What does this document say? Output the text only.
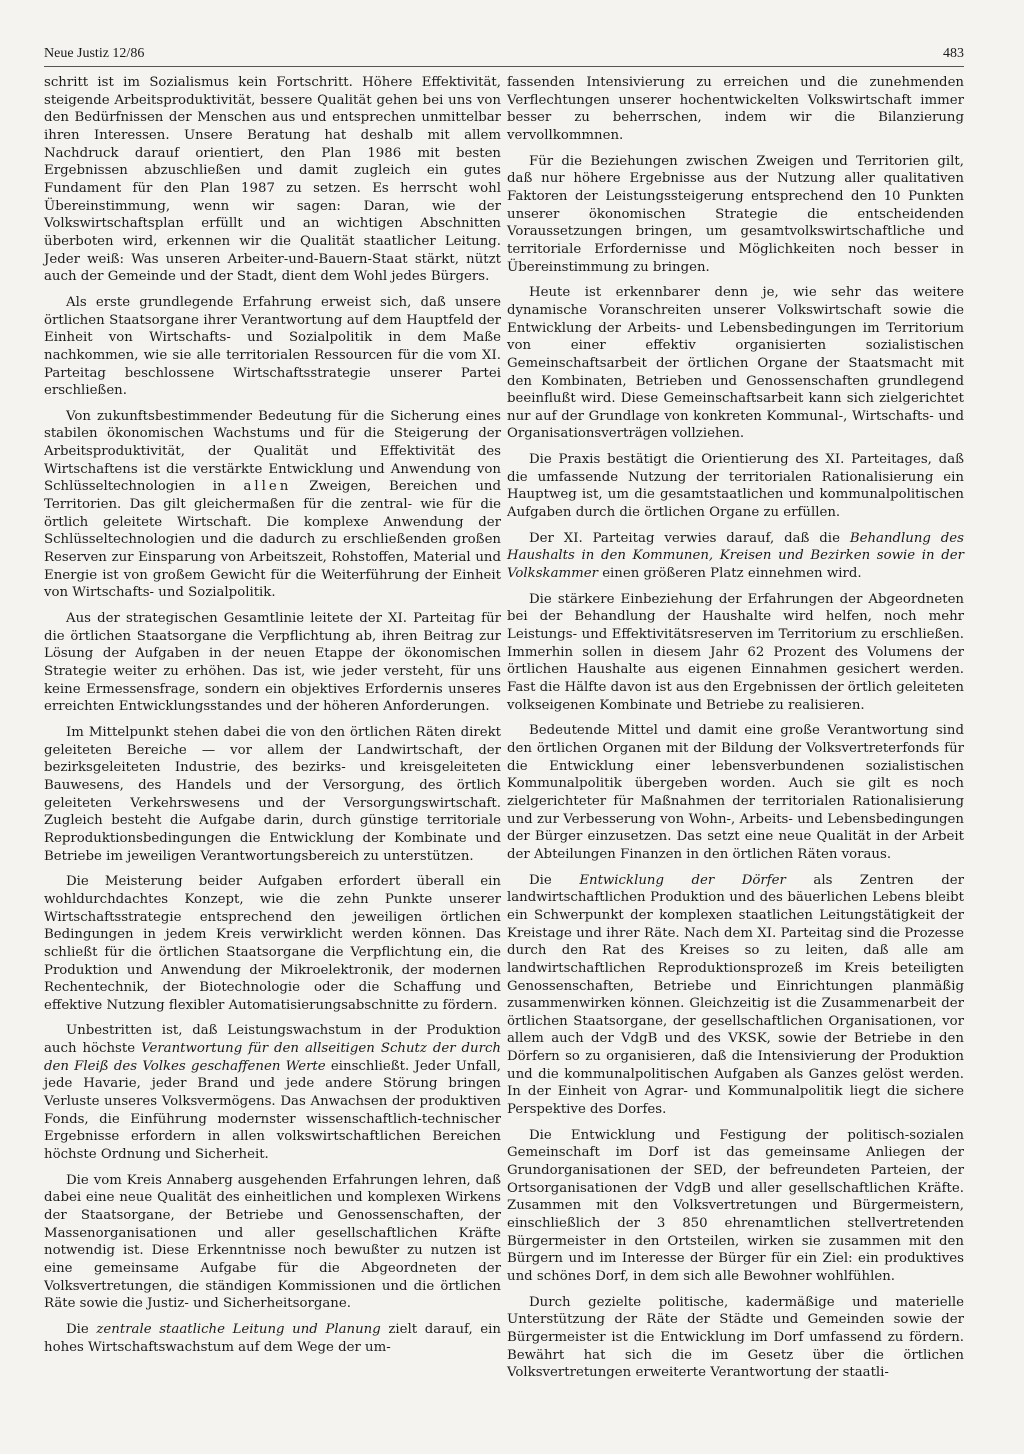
Neue Justiz 12/86	483

schritt ist im Sozialismus kein Fortschritt. Höhere Effektivität, steigende Arbeitsproduktivität, bessere Qualität gehen bei uns von den Bedürfnissen der Menschen aus und entsprechen unmittelbar ihren Interessen. Unsere Beratung hat deshalb mit allem Nachdruck darauf orientiert, den Plan 1986 mit besten Ergebnissen abzuschließen und damit zugleich ein gutes Fundament für den Plan 1987 zu setzen. Es herrscht wohl Übereinstimmung, wenn wir sagen: Daran, wie der Volkswirtschaftsplan erfüllt und an wichtigen Abschnitten überboten wird, erkennen wir die Qualität staatlicher Leitung. Jeder weiß: Was unseren Arbeiter-und-Bauern-Staat stärkt, nützt auch der Gemeinde und der Stadt, dient dem Wohl jedes Bürgers.

Als erste grundlegende Erfahrung erweist sich, daß unsere örtlichen Staatsorgane ihrer Verantwortung auf dem Hauptfeld der Einheit von Wirtschafts- und Sozialpolitik in dem Maße nachkommen, wie sie alle territorialen Ressourcen für die vom XI. Parteitag beschlossene Wirtschaftsstrategie unserer Partei erschließen.

Von zukunftsbestimmender Bedeutung für die Sicherung eines stabilen ökonomischen Wachstums und für die Steigerung der Arbeitsproduktivität, der Qualität und Effektivität des Wirtschaftens ist die verstärkte Entwicklung und Anwendung von Schlüsseltechnologien in allen Zweigen, Bereichen und Territorien. Das gilt gleichermaßen für die zentral- wie für die örtlich geleitete Wirtschaft. Die komplexe Anwendung der Schlüsseltechnologien und die dadurch zu erschließenden großen Reserven zur Einsparung von Arbeitszeit, Rohstoffen, Material und Energie ist von großem Gewicht für die Weiterführung der Einheit von Wirtschafts- und Sozialpolitik.

Aus der strategischen Gesamtlinie leitete der XI. Parteitag für die örtlichen Staatsorgane die Verpflichtung ab, ihren Beitrag zur Lösung der Aufgaben in der neuen Etappe der ökonomischen Strategie weiter zu erhöhen. Das ist, wie jeder versteht, für uns keine Ermessensfrage, sondern ein objektives Erfordernis unseres erreichten Entwicklungsstandes und der höheren Anforderungen.

Im Mittelpunkt stehen dabei die von den örtlichen Räten direkt geleiteten Bereiche — vor allem der Landwirtschaft, der bezirksgeleiteten Industrie, des bezirks- und kreisgeleiteten Bauwesens, des Handels und der Versorgung, des örtlich geleiteten Verkehrswesens und der Versorgungswirtschaft. Zugleich besteht die Aufgabe darin, durch günstige territoriale Reproduktionsbedingungen die Entwicklung der Kombinate und Betriebe im jeweiligen Verantwortungsbereich zu unterstützen.

Die Meisterung beider Aufgaben erfordert überall ein wohldurchdachtes Konzept, wie die zehn Punkte unserer Wirtschaftsstrategie entsprechend den jeweiligen örtlichen Bedingungen in jedem Kreis verwirklicht werden können. Das schließt für die örtlichen Staatsorgane die Verpflichtung ein, die Produktion und Anwendung der Mikroelektronik, der modernen Rechentechnik, der Biotechnologie oder die Schaffung und effektive Nutzung flexibler Automatisierungsabschnitte zu fördern.

Unbestritten ist, daß Leistungswachstum in der Produktion auch höchste Verantwortung für den allseitigen Schutz der durch den Fleiß des Volkes geschaffenen Werte einschließt. Jeder Unfall, jede Havarie, jeder Brand und jede andere Störung bringen Verluste unseres Volksvermögens. Das Anwachsen der produktiven Fonds, die Einführung modernster wissenschaftlich-technischer Ergebnisse erfordern in allen volkswirtschaftlichen Bereichen höchste Ordnung und Sicherheit.

Die vom Kreis Annaberg ausgehenden Erfahrungen lehren, daß dabei eine neue Qualität des einheitlichen und komplexen Wirkens der Staatsorgane, der Betriebe und Genossenschaften, der Massenorganisationen und aller gesellschaftlichen Kräfte notwendig ist. Diese Erkenntnisse noch bewußter zu nutzen ist eine gemeinsame Aufgabe für die Abgeordneten der Volksvertretungen, die ständigen Kommissionen und die örtlichen Räte sowie die Justiz- und Sicherheitsorgane.

Die zentrale staatliche Leitung und Planung zielt darauf, ein hohes Wirtschaftswachstum auf dem Wege der um-

fassenden Intensivierung zu erreichen und die zunehmenden Verflechtungen unserer hochentwickelten Volkswirtschaft immer besser zu beherrschen, indem wir die Bilanzierung vervollkommnen.

Für die Beziehungen zwischen Zweigen und Territorien gilt, daß nur höhere Ergebnisse aus der Nutzung aller qualitativen Faktoren der Leistungssteigerung entsprechend den 10 Punkten unserer ökonomischen Strategie die entscheidenden Voraussetzungen bringen, um gesamtvolkswirtschaftliche und territoriale Erfordernisse und Möglichkeiten noch besser in Übereinstimmung zu bringen.

Heute ist erkennbarer denn je, wie sehr das weitere dynamische Voranschreiten unserer Volkswirtschaft sowie die Entwicklung der Arbeits- und Lebensbedingungen im Territorium von einer effektiv organisierten sozialistischen Gemeinschaftsarbeit der örtlichen Organe der Staatsmacht mit den Kombinaten, Betrieben und Genossenschaften grundlegend beeinflußt wird. Diese Gemeinschaftsarbeit kann sich zielgerichtet nur auf der Grundlage von konkreten Kommunal-, Wirtschafts- und Organisationsverträgen vollziehen.

Die Praxis bestätigt die Orientierung des XI. Parteitages, daß die umfassende Nutzung der territorialen Rationalisierung ein Hauptweg ist, um die gesamtstaatlichen und kommunalpolitischen Aufgaben durch die örtlichen Organe zu erfüllen.

Der XI. Parteitag verwies darauf, daß die Behandlung des Haushalts in den Kommunen, Kreisen und Bezirken sowie in der Volkskammer einen größeren Platz einnehmen wird.

Die stärkere Einbeziehung der Erfahrungen der Abgeordneten bei der Behandlung der Haushalte wird helfen, noch mehr Leistungs- und Effektivitätsreserven im Territorium zu erschließen. Immerhin sollen in diesem Jahr 62 Prozent des Volumens der örtlichen Haushalte aus eigenen Einnahmen gesichert werden. Fast die Hälfte davon ist aus den Ergebnissen der örtlich geleiteten volkseigenen Kombinate und Betriebe zu realisieren.

Bedeutende Mittel und damit eine große Verantwortung sind den örtlichen Organen mit der Bildung der Volksvertreterfonds für die Entwicklung einer lebensverbundenen sozialistischen Kommunalpolitik übergeben worden. Auch sie gilt es noch zielgerichteter für Maßnahmen der territorialen Rationalisierung und zur Verbesserung von Wohn-, Arbeits- und Lebensbedingungen der Bürger einzusetzen. Das setzt eine neue Qualität in der Arbeit der Abteilungen Finanzen in den örtlichen Räten voraus.

Die Entwicklung der Dörfer als Zentren der landwirtschaftlichen Produktion und des bäuerlichen Lebens bleibt ein Schwerpunkt der komplexen staatlichen Leitungstätigkeit der Kreistage und ihrer Räte. Nach dem XI. Parteitag sind die Prozesse durch den Rat des Kreises so zu leiten, daß alle am landwirtschaftlichen Reproduktionsprozeß im Kreis beteiligten Genossenschaften, Betriebe und Einrichtungen planmäßig zusammenwirken können. Gleichzeitig ist die Zusammenarbeit der örtlichen Staatsorgane, der gesellschaftlichen Organisationen, vor allem auch der VdgB und des VKSK, sowie der Betriebe in den Dörfern so zu organisieren, daß die Intensivierung der Produktion und die kommunalpolitischen Aufgaben als Ganzes gelöst werden. In der Einheit von Agrar- und Kommunalpolitik liegt die sichere Perspektive des Dorfes.

Die Entwicklung und Festigung der politisch-sozialen Gemeinschaft im Dorf ist das gemeinsame Anliegen der Grundorganisationen der SED, der befreundeten Parteien, der Ortsorganisationen der VdgB und aller gesellschaftlichen Kräfte. Zusammen mit den Volksvertretungen und Bürgermeistern, einschließlich der 3 850 ehrenamtlichen stellvertretenden Bürgermeister in den Ortsteilen, wirken sie zusammen mit den Bürgern und im Interesse der Bürger für ein Ziel: ein produktives und schönes Dorf, in dem sich alle Bewohner wohlfühlen.

Durch gezielte politische, kadermäßige und materielle Unterstützung der Räte der Städte und Gemeinden sowie der Bürgermeister ist die Entwicklung im Dorf umfassend zu fördern. Bewährt hat sich die im Gesetz über die örtlichen Volksvertretungen erweiterte Verantwortung der staatli-
